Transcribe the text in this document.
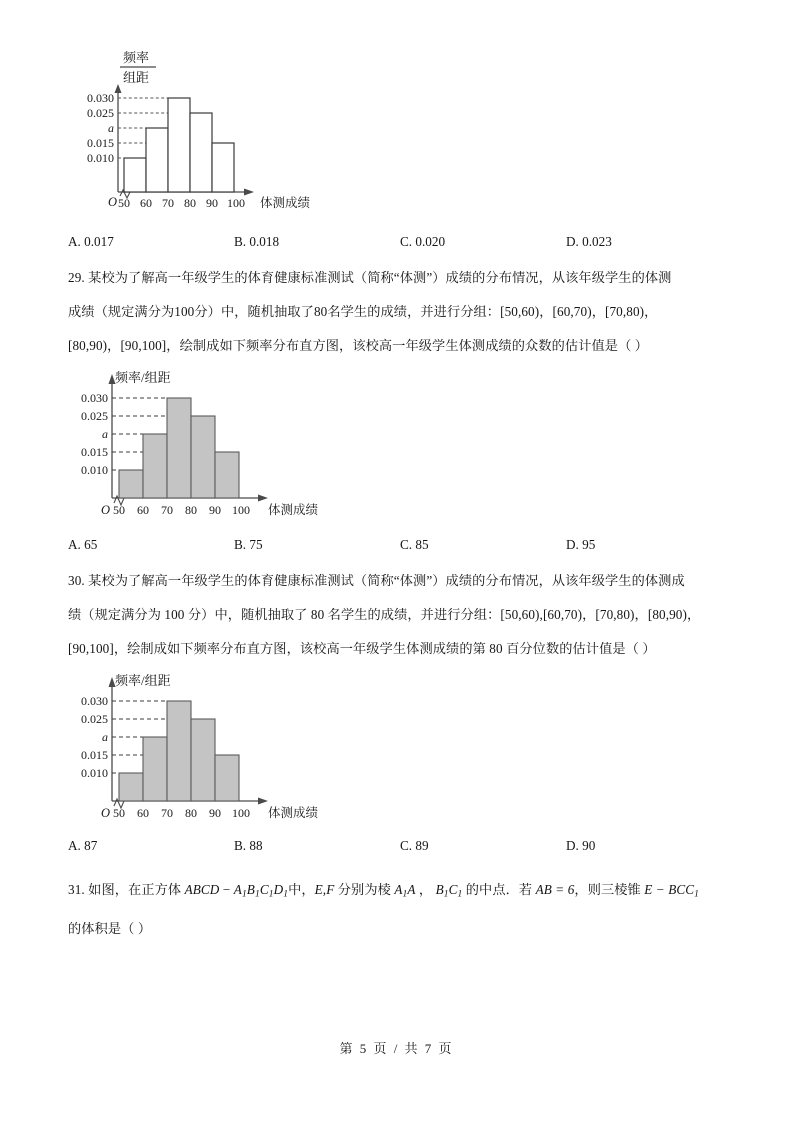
频率
组距
0.030
0.025
a
0.015
0.010
O 50 60 70 80 90 100 体测成绩
A. 0.017	B. 0.018	C. 0.020	D. 0.023
29. 某校为了解高一年级学生的体育健康标准测试（简称“体测”）成绩的分布情况，从该年级学生的体测
成绩（规定满分为100分）中，随机抽取了80名学生的成绩，并进行分组：[50,60)，[60,70)，[70,80)，
[80,90)，[90,100]，绘制成如下频率分布直方图，该校高一年级学生体测成绩的众数的估计值是（ ）
频率/组距
0.030
0.025
a
0.015
0.010
O 50 60 70 80 90 100 体测成绩
A. 65	B. 75	C. 85	D. 95
30. 某校为了解高一年级学生的体育健康标准测试（简称“体测”）成绩的分布情况，从该年级学生的体测成
绩（规定满分为 100 分）中，随机抽取了 80 名学生的成绩，并进行分组：[50,60),[60,70)，[70,80)，[80,90)，
[90,100]，绘制成如下频率分布直方图，该校高一年级学生体测成绩的第 80 百分位数的估计值是（ ）
频率/组距
0.030
0.025
a
0.015
0.010
O 50 60 70 80 90 100 体测成绩
A. 87	B. 88	C. 89	D. 90
31. 如图，在正方体 ABCD − $A_1B_1C_1D_1$中，E,F 分别为棱 $A_1A$ ， $B_1C_1$ 的中点．若 AB = 6，则三棱锥 $E - BCC_1$
的体积是（ ）
第 5 页 / 共 7 页
